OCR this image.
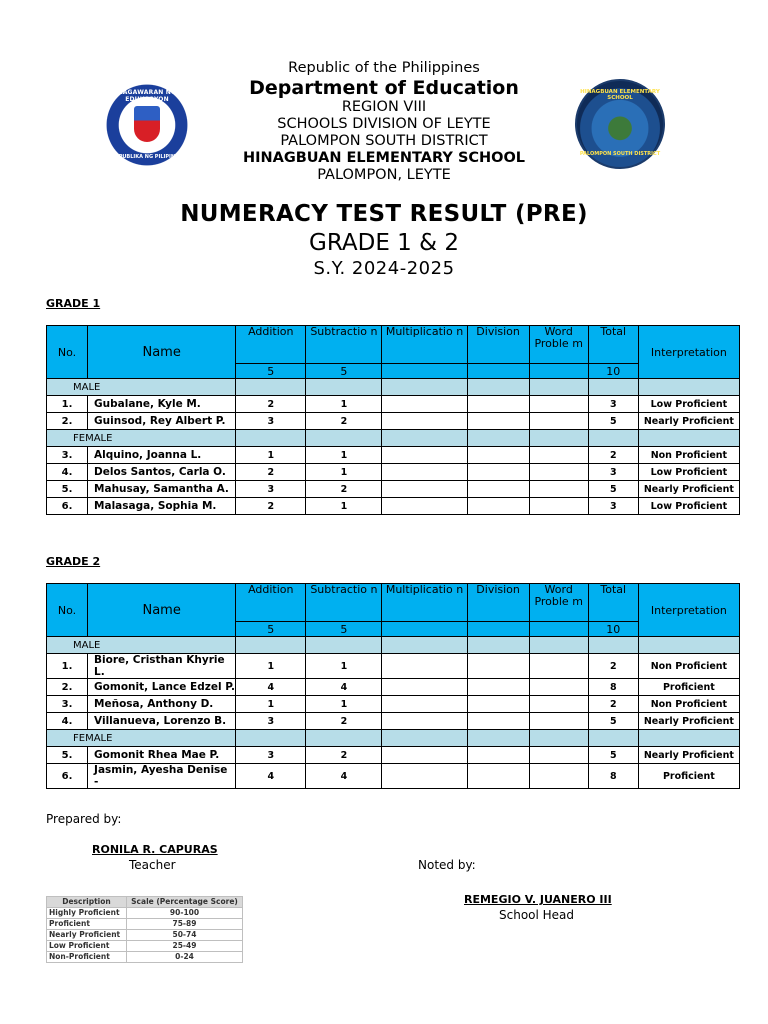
KAGAWARAN NG EDUKASYON
REPUBLIKA NG PILIPINAS
HINAGBUAN ELEMENTARY SCHOOL
PALOMPON SOUTH DISTRICT
Republic of the Philippines
Department of Education
REGION VIII
SCHOOLS DIVISION OF LEYTE
PALOMPON SOUTH DISTRICT
HINAGBUAN ELEMENTARY SCHOOL
PALOMPON, LEYTE
NUMERACY TEST RESULT (PRE)
GRADE 1 & 2
S.Y. 2024-2025
GRADE 1
No.	Name	Addition	Subtractio n	Multiplicatio n	Division	Word Proble m	Total	Interpretation
		5	5				10	
MALE								
1.	Gubalane, Kyle M.	2	1				3	Low Proficient
2.	Guinsod, Rey Albert P.	3	2				5	Nearly Proficient
FEMALE								
3.	Alquino, Joanna L.	1	1				2	Non Proficient
4.	Delos Santos, Carla O.	2	1				3	Low Proficient
5.	Mahusay, Samantha A.	3	2				5	Nearly Proficient
6.	Malasaga, Sophia M.	2	1				3	Low Proficient
GRADE 2
No.	Name	Addition	Subtractio n	Multiplicatio n	Division	Word Proble m	Total	Interpretation
		5	5				10	
MALE								
1.	Biore, Cristhan Khyrie L.	1	1				2	Non Proficient
2.	Gomonit, Lance Edzel P.	4	4				8	Proficient
3.	Meñosa, Anthony D.	1	1				2	Non Proficient
4.	Villanueva, Lorenzo B.	3	2				5	Nearly Proficient
FEMALE								
5.	Gomonit Rhea Mae P.	3	2				5	Nearly Proficient
6.	Jasmin, Ayesha Denise -	4	4				8	Proficient
Prepared by:
RONILA R. CAPURAS
Teacher	Noted by:
REMEGIO V. JUANERO III
School Head
Description	Scale (Percentage Score)
Highly Proficient	90-100
Proficient	75-89
Nearly Proficient	50-74
Low Proficient	25-49
Non-Proficient	0-24
